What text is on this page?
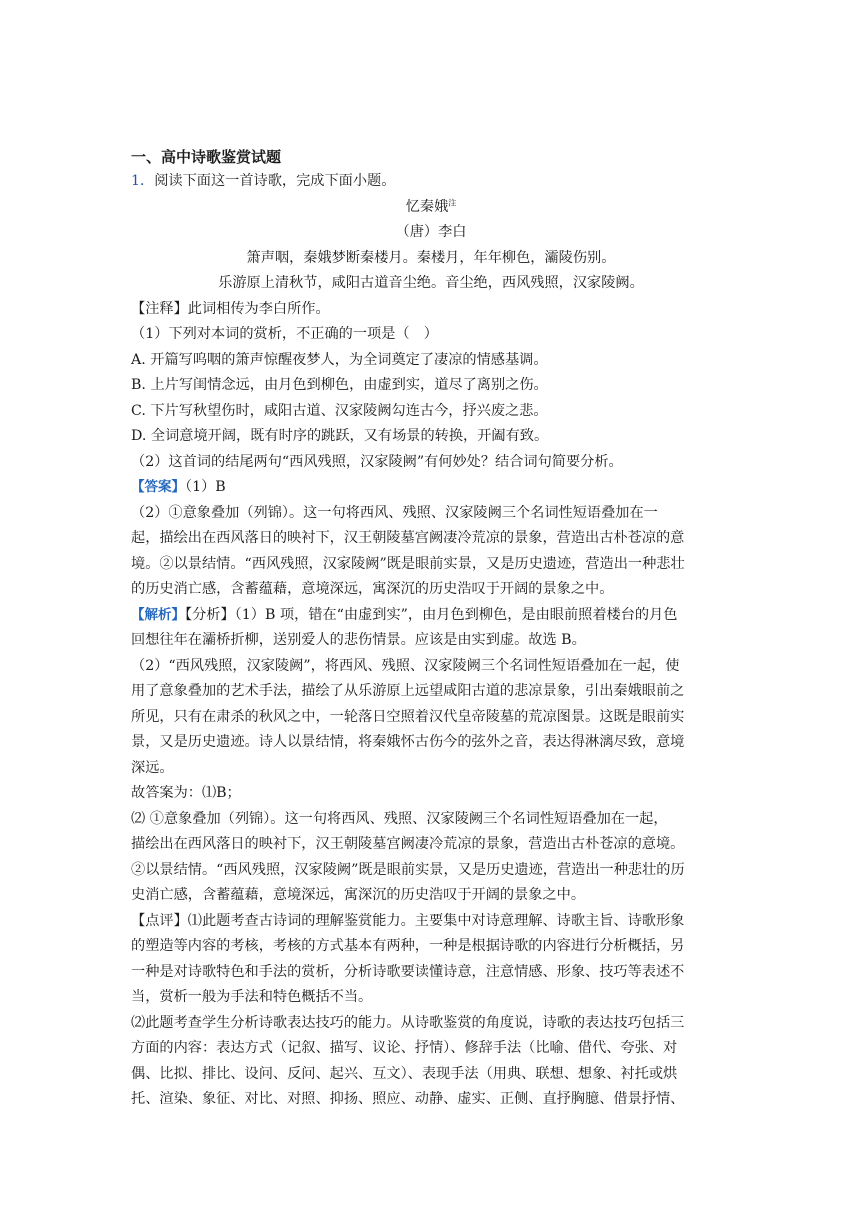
一、高中诗歌鉴赏试题
1．阅读下面这一首诗歌，完成下面小题。
忆秦娥$^注$
（唐）李白
箫声咽，秦娥梦断秦楼月。秦楼月，年年柳色，灞陵伤别。
乐游原上清秋节，咸阳古道音尘绝。音尘绝，西风残照，汉家陵阙。
【注释】此词相传为李白所作。
（1）下列对本词的赏析，不正确的一项是（　）
A. 开篇写呜咽的箫声惊醒夜梦人，为全词奠定了凄凉的情感基调。
B. 上片写闺情念远，由月色到柳色，由虚到实，道尽了离别之伤。
C. 下片写秋望伤时，咸阳古道、汉家陵阙勾连古今，抒兴废之悲。
D. 全词意境开阔，既有时序的跳跃，又有场景的转换，开阖有致。
（2）这首词的结尾两句“西风残照，汉家陵阙”有何妙处？结合词句简要分析。
【答案】（1）B
（2）①意象叠加（列锦）。这一句将西风、残照、汉家陵阙三个名词性短语叠加在一
起，描绘出在西风落日的映衬下，汉王朝陵墓宫阙凄冷荒凉的景象，营造出古朴苍凉的意
境。②以景结情。“西风残照，汉家陵阙”既是眼前实景，又是历史遗迹，营造出一种悲壮
的历史消亡感，含蓄蕴藉，意境深远，寓深沉的历史浩叹于开阔的景象之中。
【解析】【分析】（1）B 项，错在“由虚到实”，由月色到柳色，是由眼前照着楼台的月色
回想往年在灞桥折柳，送别爱人的悲伤情景。应该是由实到虚。故选 B。
（2）“西风残照，汉家陵阙”，将西风、残照、汉家陵阙三个名词性短语叠加在一起，使
用了意象叠加的艺术手法，描绘了从乐游原上远望咸阳古道的悲凉景象，引出秦娥眼前之
所见，只有在肃杀的秋风之中，一轮落日空照着汉代皇帝陵墓的荒凉图景。这既是眼前实
景，又是历史遗迹。诗人以景结情，将秦娥怀古伤今的弦外之音，表达得淋漓尽致，意境
深远。
故答案为：⑴B；
⑵ ①意象叠加（列锦）。这一句将西风、残照、汉家陵阙三个名词性短语叠加在一起，
描绘出在西风落日的映衬下，汉王朝陵墓宫阙凄冷荒凉的景象，营造出古朴苍凉的意境。
②以景结情。“西风残照，汉家陵阙”既是眼前实景，又是历史遗迹，营造出一种悲壮的历
史消亡感，含蓄蕴藉，意境深远，寓深沉的历史浩叹于开阔的景象之中。
【点评】⑴此题考查古诗词的理解鉴赏能力。主要集中对诗意理解、诗歌主旨、诗歌形象
的塑造等内容的考核，考核的方式基本有两种，一种是根据诗歌的内容进行分析概括，另
一种是对诗歌特色和手法的赏析，分析诗歌要读懂诗意，注意情感、形象、技巧等表述不
当，赏析一般为手法和特色概括不当。
⑵此题考查学生分析诗歌表达技巧的能力。从诗歌鉴赏的角度说，诗歌的表达技巧包括三
方面的内容：表达方式（记叙、描写、议论、抒情）、修辞手法（比喻、借代、夸张、对
偶、比拟、排比、设问、反问、起兴、互文）、表现手法（用典、联想、想象、衬托或烘
托、渲染、象征、对比、对照、抑扬、照应、动静、虚实、正侧、直抒胸臆、借景抒情、
